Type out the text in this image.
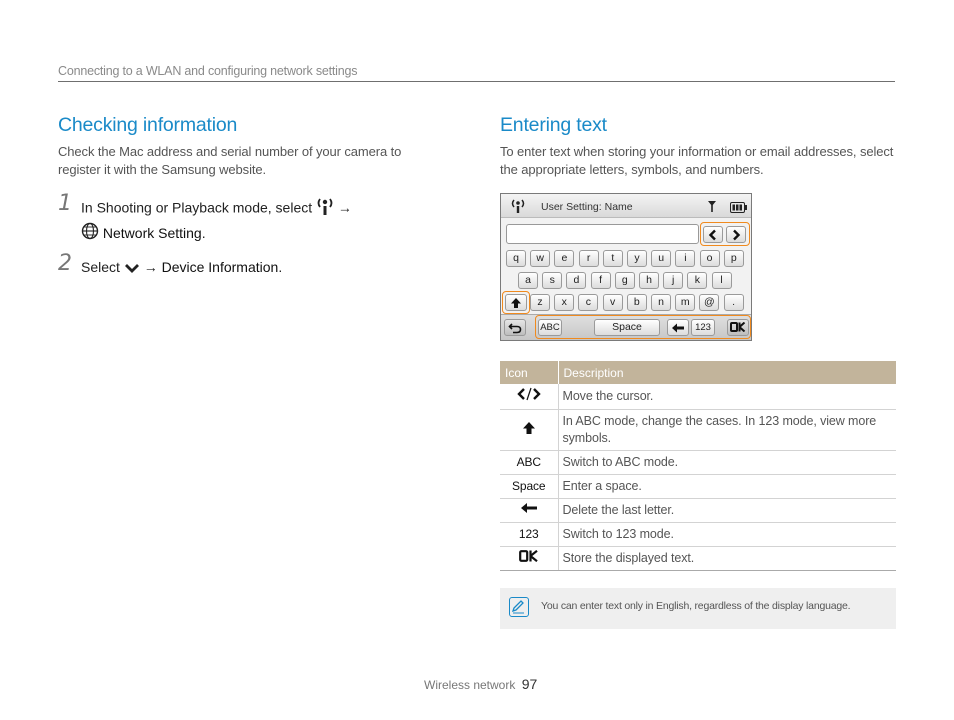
Connecting to a WLAN and configuring network settings
Checking information

Check the Mac address and serial number of your camera to register it with the Samsung website.

1 In Shooting or Playback mode, select →
Network Setting.
2 Select → Device Information.
Entering text

To enter text when storing your information or email addresses, select the appropriate letters, symbols, and numbers.

User Setting: Name
ABC	Space	123
q	w	e	r	t	y	u	i	o	p
a	s	d	f	g	h	j	k	l
z	x	c	v	b	n	m	@	.
Icon	Description
	Move the cursor.
	In ABC mode, change the cases. In 123 mode, view more symbols.
ABC	Switch to ABC mode.
Space	Enter a space.
	Delete the last letter.
123	Switch to 123 mode.
	Store the displayed text.
You can enter text only in English, regardless of the display language.
Wireless network 97
